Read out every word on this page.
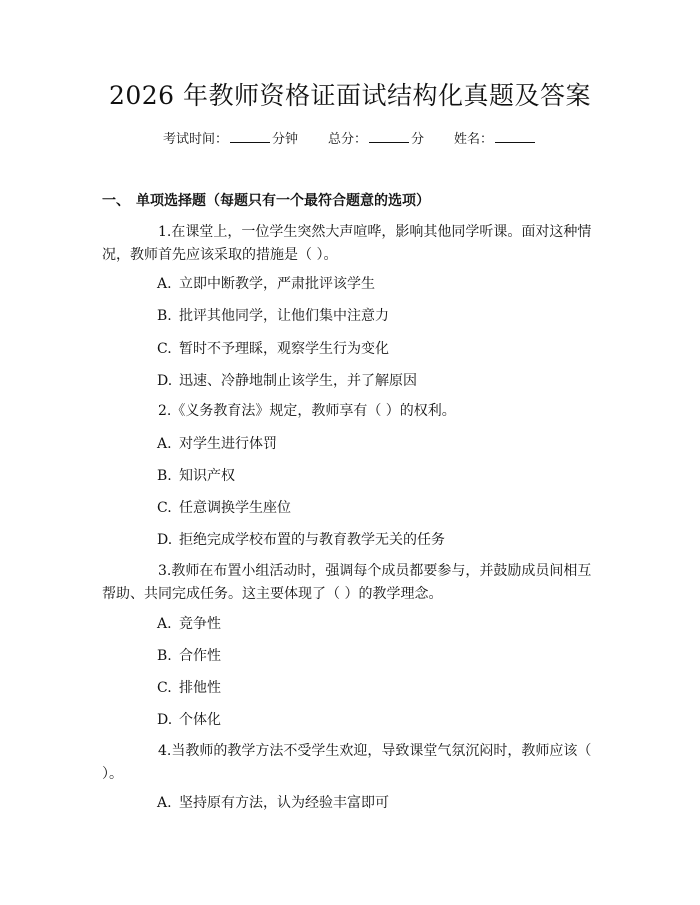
2026 年教师资格证面试结构化真题及答案
考试时间：	分钟 总分：	分 姓名：
一、 单项选择题（每题只有一个最符合题意的选项）
1.在课堂上，一位学生突然大声喧哗，影响其他同学听课。面对这种情况，教师首先应该采取的措施是（ ）。
A. 立即中断教学，严肃批评该学生
B. 批评其他同学，让他们集中注意力
C. 暂时不予理睬，观察学生行为变化
D. 迅速、冷静地制止该学生，并了解原因
2.《义务教育法》规定，教师享有（ ）的权利。
A. 对学生进行体罚
B. 知识产权
C. 任意调换学生座位
D. 拒绝完成学校布置的与教育教学无关的任务
3.教师在布置小组活动时，强调每个成员都要参与，并鼓励成员间相互帮助、共同完成任务。这主要体现了（ ）的教学理念。
A. 竞争性
B. 合作性
C. 排他性
D. 个体化
4.当教师的教学方法不受学生欢迎，导致课堂气氛沉闷时，教师应该（ ）。
A. 坚持原有方法，认为经验丰富即可
